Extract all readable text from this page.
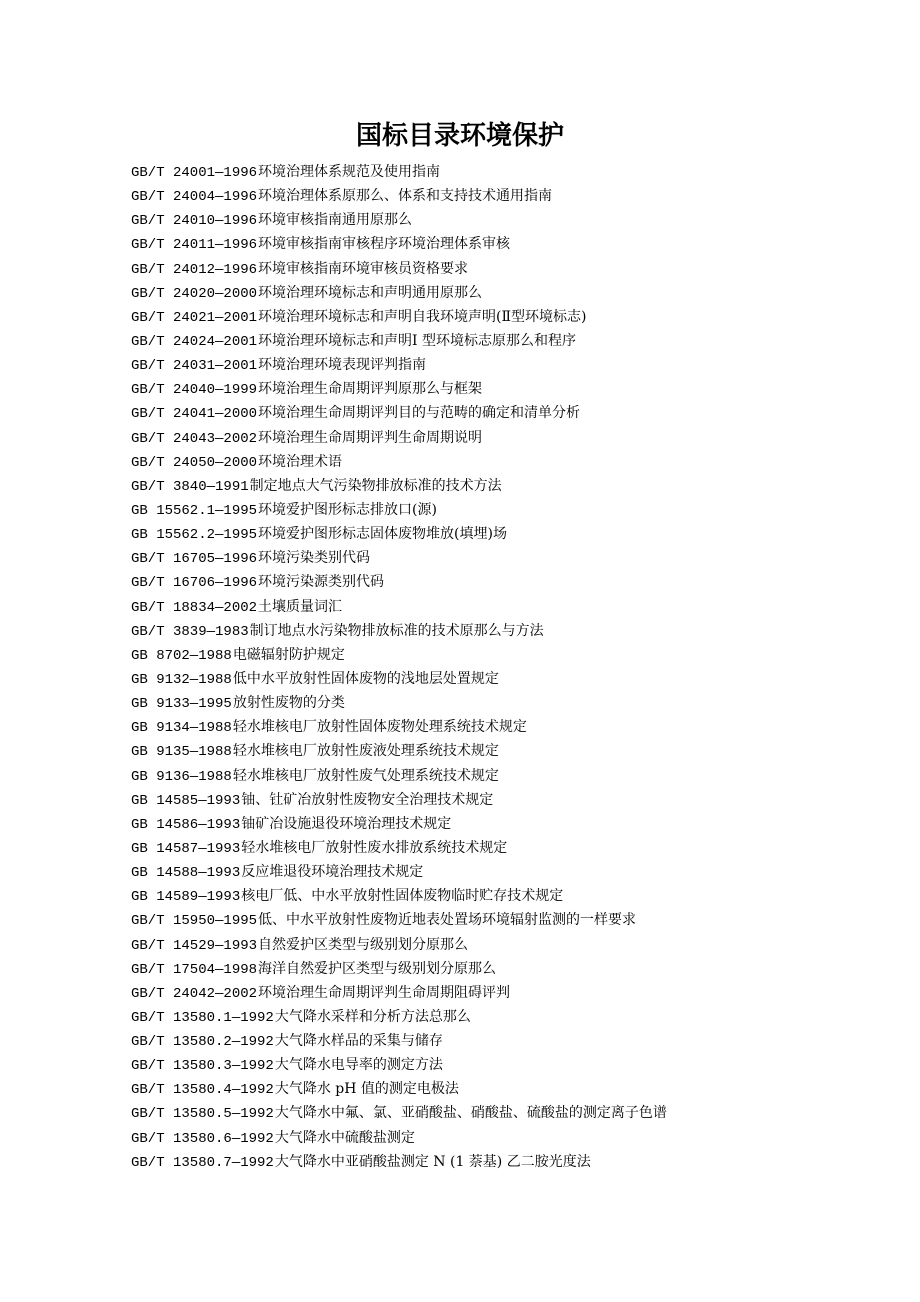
国标目录环境保护
GB/T 24001—1996环境治理体系规范及使用指南
GB/T 24004—1996环境治理体系原那么、体系和支持技术通用指南
GB/T 24010—1996环境审核指南通用原那么
GB/T 24011—1996环境审核指南审核程序环境治理体系审核
GB/T 24012—1996环境审核指南环境审核员资格要求
GB/T 24020—2000环境治理环境标志和声明通用原那么
GB/T 24021—2001环境治理环境标志和声明自我环境声明(Ⅱ型环境标志)
GB/T 24024—2001环境治理环境标志和声明Ⅰ 型环境标志原那么和程序
GB/T 24031—2001环境治理环境表现评判指南
GB/T 24040—1999环境治理生命周期评判原那么与框架
GB/T 24041—2000环境治理生命周期评判目的与范畴的确定和清单分析
GB/T 24043—2002环境治理生命周期评判生命周期说明
GB/T 24050—2000环境治理术语
GB/T 3840—1991制定地点大气污染物排放标准的技术方法
GB 15562.1—1995环境爱护图形标志排放口(源)
GB 15562.2—1995环境爱护图形标志固体废物堆放(填埋)场
GB/T 16705—1996环境污染类别代码
GB/T 16706—1996环境污染源类别代码
GB/T 18834—2002土壤质量词汇
GB/T 3839—1983制订地点水污染物排放标准的技术原那么与方法
GB 8702—1988电磁辐射防护规定
GB 9132—1988低中水平放射性固体废物的浅地层处置规定
GB 9133—1995放射性废物的分类
GB 9134—1988轻水堆核电厂放射性固体废物处理系统技术规定
GB 9135—1988轻水堆核电厂放射性废液处理系统技术规定
GB 9136—1988轻水堆核电厂放射性废气处理系统技术规定
GB 14585—1993铀、钍矿冶放射性废物安全治理技术规定
GB 14586—1993铀矿冶设施退役环境治理技术规定
GB 14587—1993轻水堆核电厂放射性废水排放系统技术规定
GB 14588—1993反应堆退役环境治理技术规定
GB 14589—1993核电厂低、中水平放射性固体废物临时贮存技术规定
GB/T 15950—1995低、中水平放射性废物近地表处置场环境辐射监测的一样要求
GB/T 14529—1993自然爱护区类型与级别划分原那么
GB/T 17504—1998海洋自然爱护区类型与级别划分原那么
GB/T 24042—2002环境治理生命周期评判生命周期阻碍评判
GB/T 13580.1—1992大气降水采样和分析方法总那么
GB/T 13580.2—1992大气降水样品的采集与储存
GB/T 13580.3—1992大气降水电导率的测定方法
GB/T 13580.4—1992大气降水 pH 值的测定电极法
GB/T 13580.5—1992大气降水中氟、氯、亚硝酸盐、硝酸盐、硫酸盐的测定离子色谱
GB/T 13580.6—1992大气降水中硫酸盐测定
GB/T 13580.7—1992大气降水中亚硝酸盐测定 N (1 萘基) 乙二胺光度法
